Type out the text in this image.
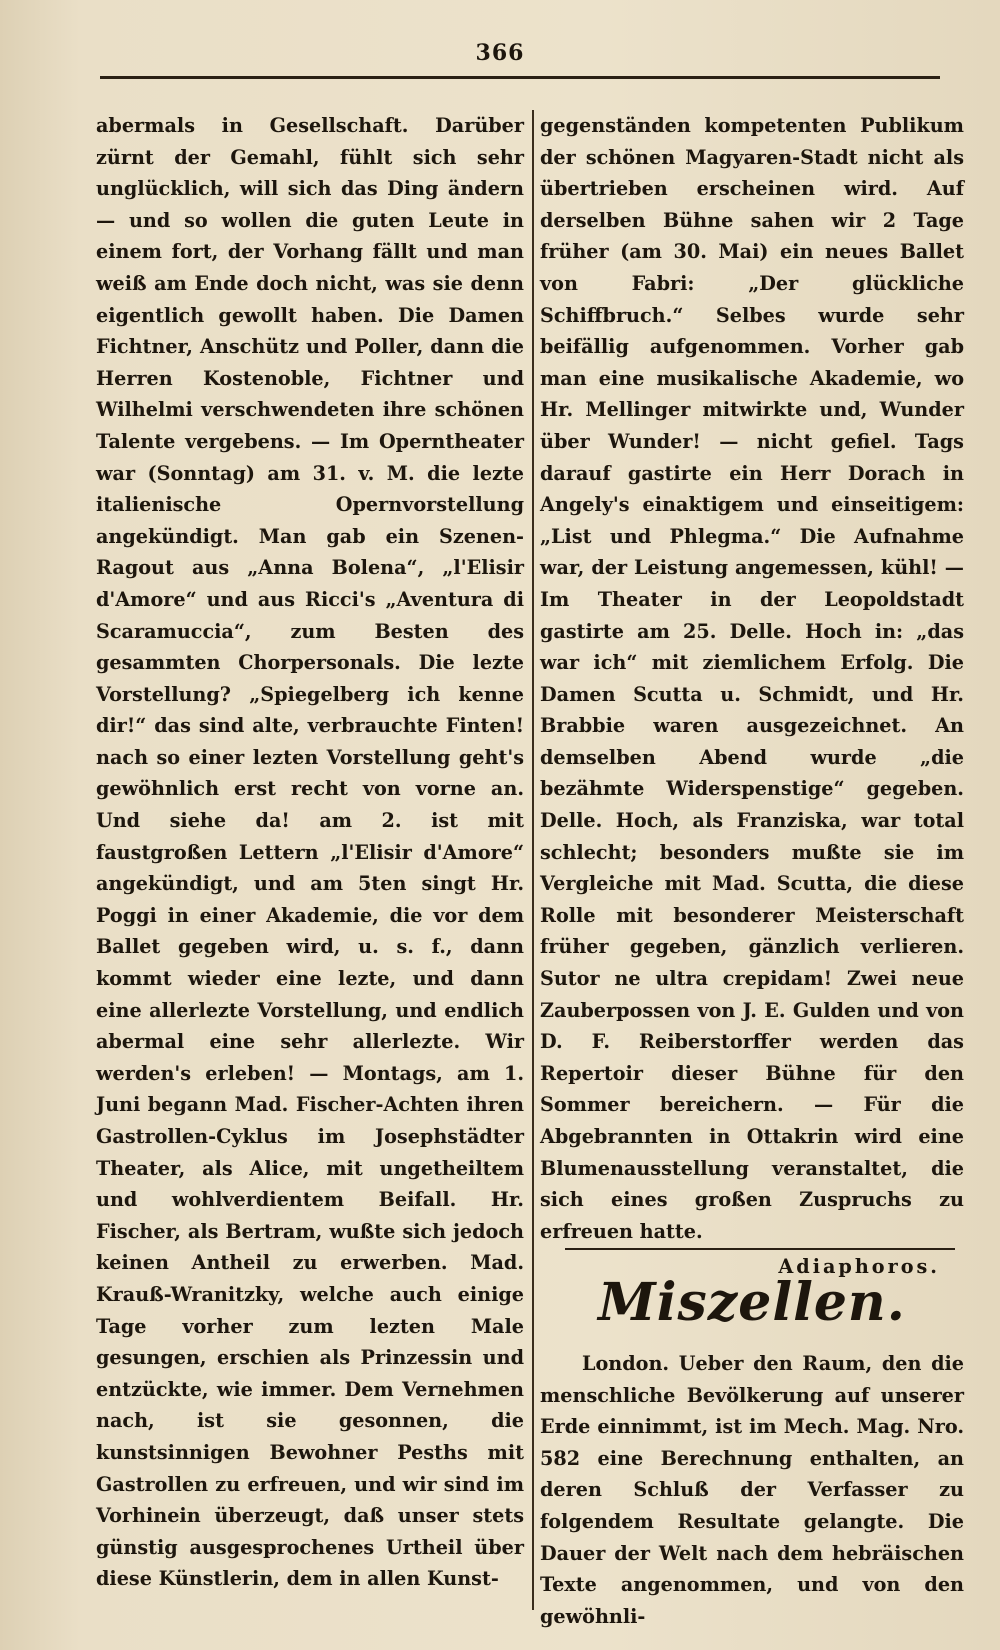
366

abermals in Gesellschaft. Darüber zürnt der Gemahl, fühlt sich sehr unglücklich, will sich das Ding ändern — und so wollen die guten Leute in einem fort, der Vorhang fällt und man weiß am Ende doch nicht, was sie denn eigentlich gewollt haben. Die Damen Fichtner, Anschütz und Poller, dann die Herren Kostenoble, Fichtner und Wilhelmi verschwendeten ihre schönen Talente vergebens. — Im Operntheater war (Sonntag) am 31. v. M. die lezte italienische Opernvorstellung angekündigt. Man gab ein Szenen-Ragout aus „Anna Bolena“, „l'Elisir d'Amore“ und aus Ricci's „Aventura di Scaramuccia“, zum Besten des gesammten Chorpersonals. Die lezte Vorstellung? „Spiegelberg ich kenne dir!“ das sind alte, verbrauchte Finten! nach so einer lezten Vorstellung geht's gewöhnlich erst recht von vorne an. Und siehe da! am 2. ist mit faustgroßen Lettern „l'Elisir d'Amore“ angekündigt, und am 5ten singt Hr. Poggi in einer Akademie, die vor dem Ballet gegeben wird, u. s. f., dann kommt wieder eine lezte, und dann eine allerlezte Vorstellung, und endlich abermal eine sehr allerlezte. Wir werden's erleben! — Montags, am 1. Juni begann Mad. Fischer-Achten ihren Gastrollen-Cyklus im Josephstädter Theater, als Alice, mit ungetheiltem und wohlverdientem Beifall. Hr. Fischer, als Bertram, wußte sich jedoch keinen Antheil zu erwerben. Mad. Krauß-Wranitzky, welche auch einige Tage vorher zum lezten Male gesungen, erschien als Prinzessin und entzückte, wie immer. Dem Vernehmen nach, ist sie gesonnen, die kunstsinnigen Bewohner Pesths mit Gastrollen zu erfreuen, und wir sind im Vorhinein überzeugt, daß unser stets günstig ausgesprochenes Urtheil über diese Künstlerin, dem in allen Kunst-

gegenständen kompetenten Publikum der schönen Magyaren-Stadt nicht als übertrieben erscheinen wird. Auf derselben Bühne sahen wir 2 Tage früher (am 30. Mai) ein neues Ballet von Fabri: „Der glückliche Schiffbruch.“ Selbes wurde sehr beifällig aufgenommen. Vorher gab man eine musikalische Akademie, wo Hr. Mellinger mitwirkte und, Wunder über Wunder! — nicht gefiel. Tags darauf gastirte ein Herr Dorach in Angely's einaktigem und einseitigem: „List und Phlegma.“ Die Aufnahme war, der Leistung angemessen, kühl! — Im Theater in der Leopoldstadt gastirte am 25. Delle. Hoch in: „das war ich“ mit ziemlichem Erfolg. Die Damen Scutta u. Schmidt, und Hr. Brabbie waren ausgezeichnet. An demselben Abend wurde „die bezähmte Widerspenstige“ gegeben. Delle. Hoch, als Franziska, war total schlecht; besonders mußte sie im Vergleiche mit Mad. Scutta, die diese Rolle mit besonderer Meisterschaft früher gegeben, gänzlich verlieren. Sutor ne ultra crepidam! Zwei neue Zauberpossen von J. E. Gulden und von D. F. Reiberstorffer werden das Repertoir dieser Bühne für den Sommer bereichern. — Für die Abgebrannten in Ottakrin wird eine Blumenausstellung veranstaltet, die sich eines großen Zuspruchs zu erfreuen hatte.

Adiaphoros.

Miszellen.

London. Ueber den Raum, den die menschliche Bevölkerung auf unserer Erde einnimmt, ist im Mech. Mag. Nro. 582 eine Berechnung enthalten, an deren Schluß der Verfasser zu folgendem Resultate gelangte. Die Dauer der Welt nach dem hebräischen Texte angenommen, und von den gewöhnli-
